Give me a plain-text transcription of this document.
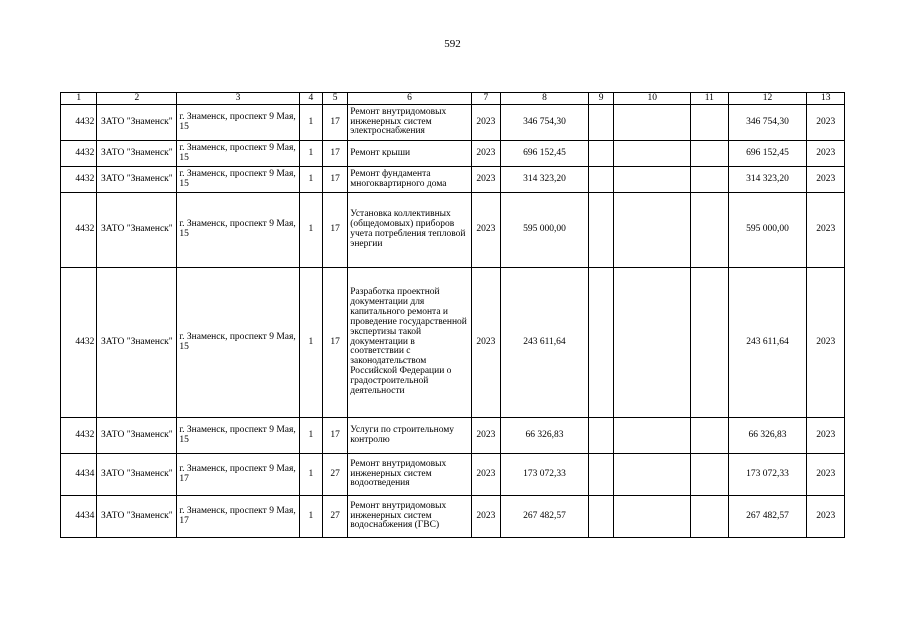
592
1	2	3	4	5	6	7	8	9	10	11	12	13
4432	ЗАТО "Знаменск"	г. Знаменск, проспект 9 Мая, 15	1	17	Ремонт внутридомовых инженерных систем электроснабжения	2023	346 754,30				346 754,30	2023
4432	ЗАТО "Знаменск"	г. Знаменск, проспект 9 Мая, 15	1	17	Ремонт крыши	2023	696 152,45				696 152,45	2023
4432	ЗАТО "Знаменск"	г. Знаменск, проспект 9 Мая, 15	1	17	Ремонт фундамента многоквартирного дома	2023	314 323,20				314 323,20	2023
4432	ЗАТО "Знаменск"	г. Знаменск, проспект 9 Мая, 15	1	17	Установка коллективных (общедомовых) приборов учета потребления тепловой энергии	2023	595 000,00				595 000,00	2023
4432	ЗАТО "Знаменск"	г. Знаменск, проспект 9 Мая, 15	1	17	Разработка проектной документации для капитального ремонта и проведение государственной экспертизы такой документации в соответствии с законодательством Российской Федерации о градостроительной деятельности	2023	243 611,64				243 611,64	2023
4432	ЗАТО "Знаменск"	г. Знаменск, проспект 9 Мая, 15	1	17	Услуги по строительному контролю	2023	66 326,83				66 326,83	2023
4434	ЗАТО "Знаменск"	г. Знаменск, проспект 9 Мая, 17	1	27	Ремонт внутридомовых инженерных систем водоотведения	2023	173 072,33				173 072,33	2023
4434	ЗАТО "Знаменск"	г. Знаменск, проспект 9 Мая, 17	1	27	Ремонт внутридомовых инженерных систем водоснабжения (ГВС)	2023	267 482,57				267 482,57	2023
